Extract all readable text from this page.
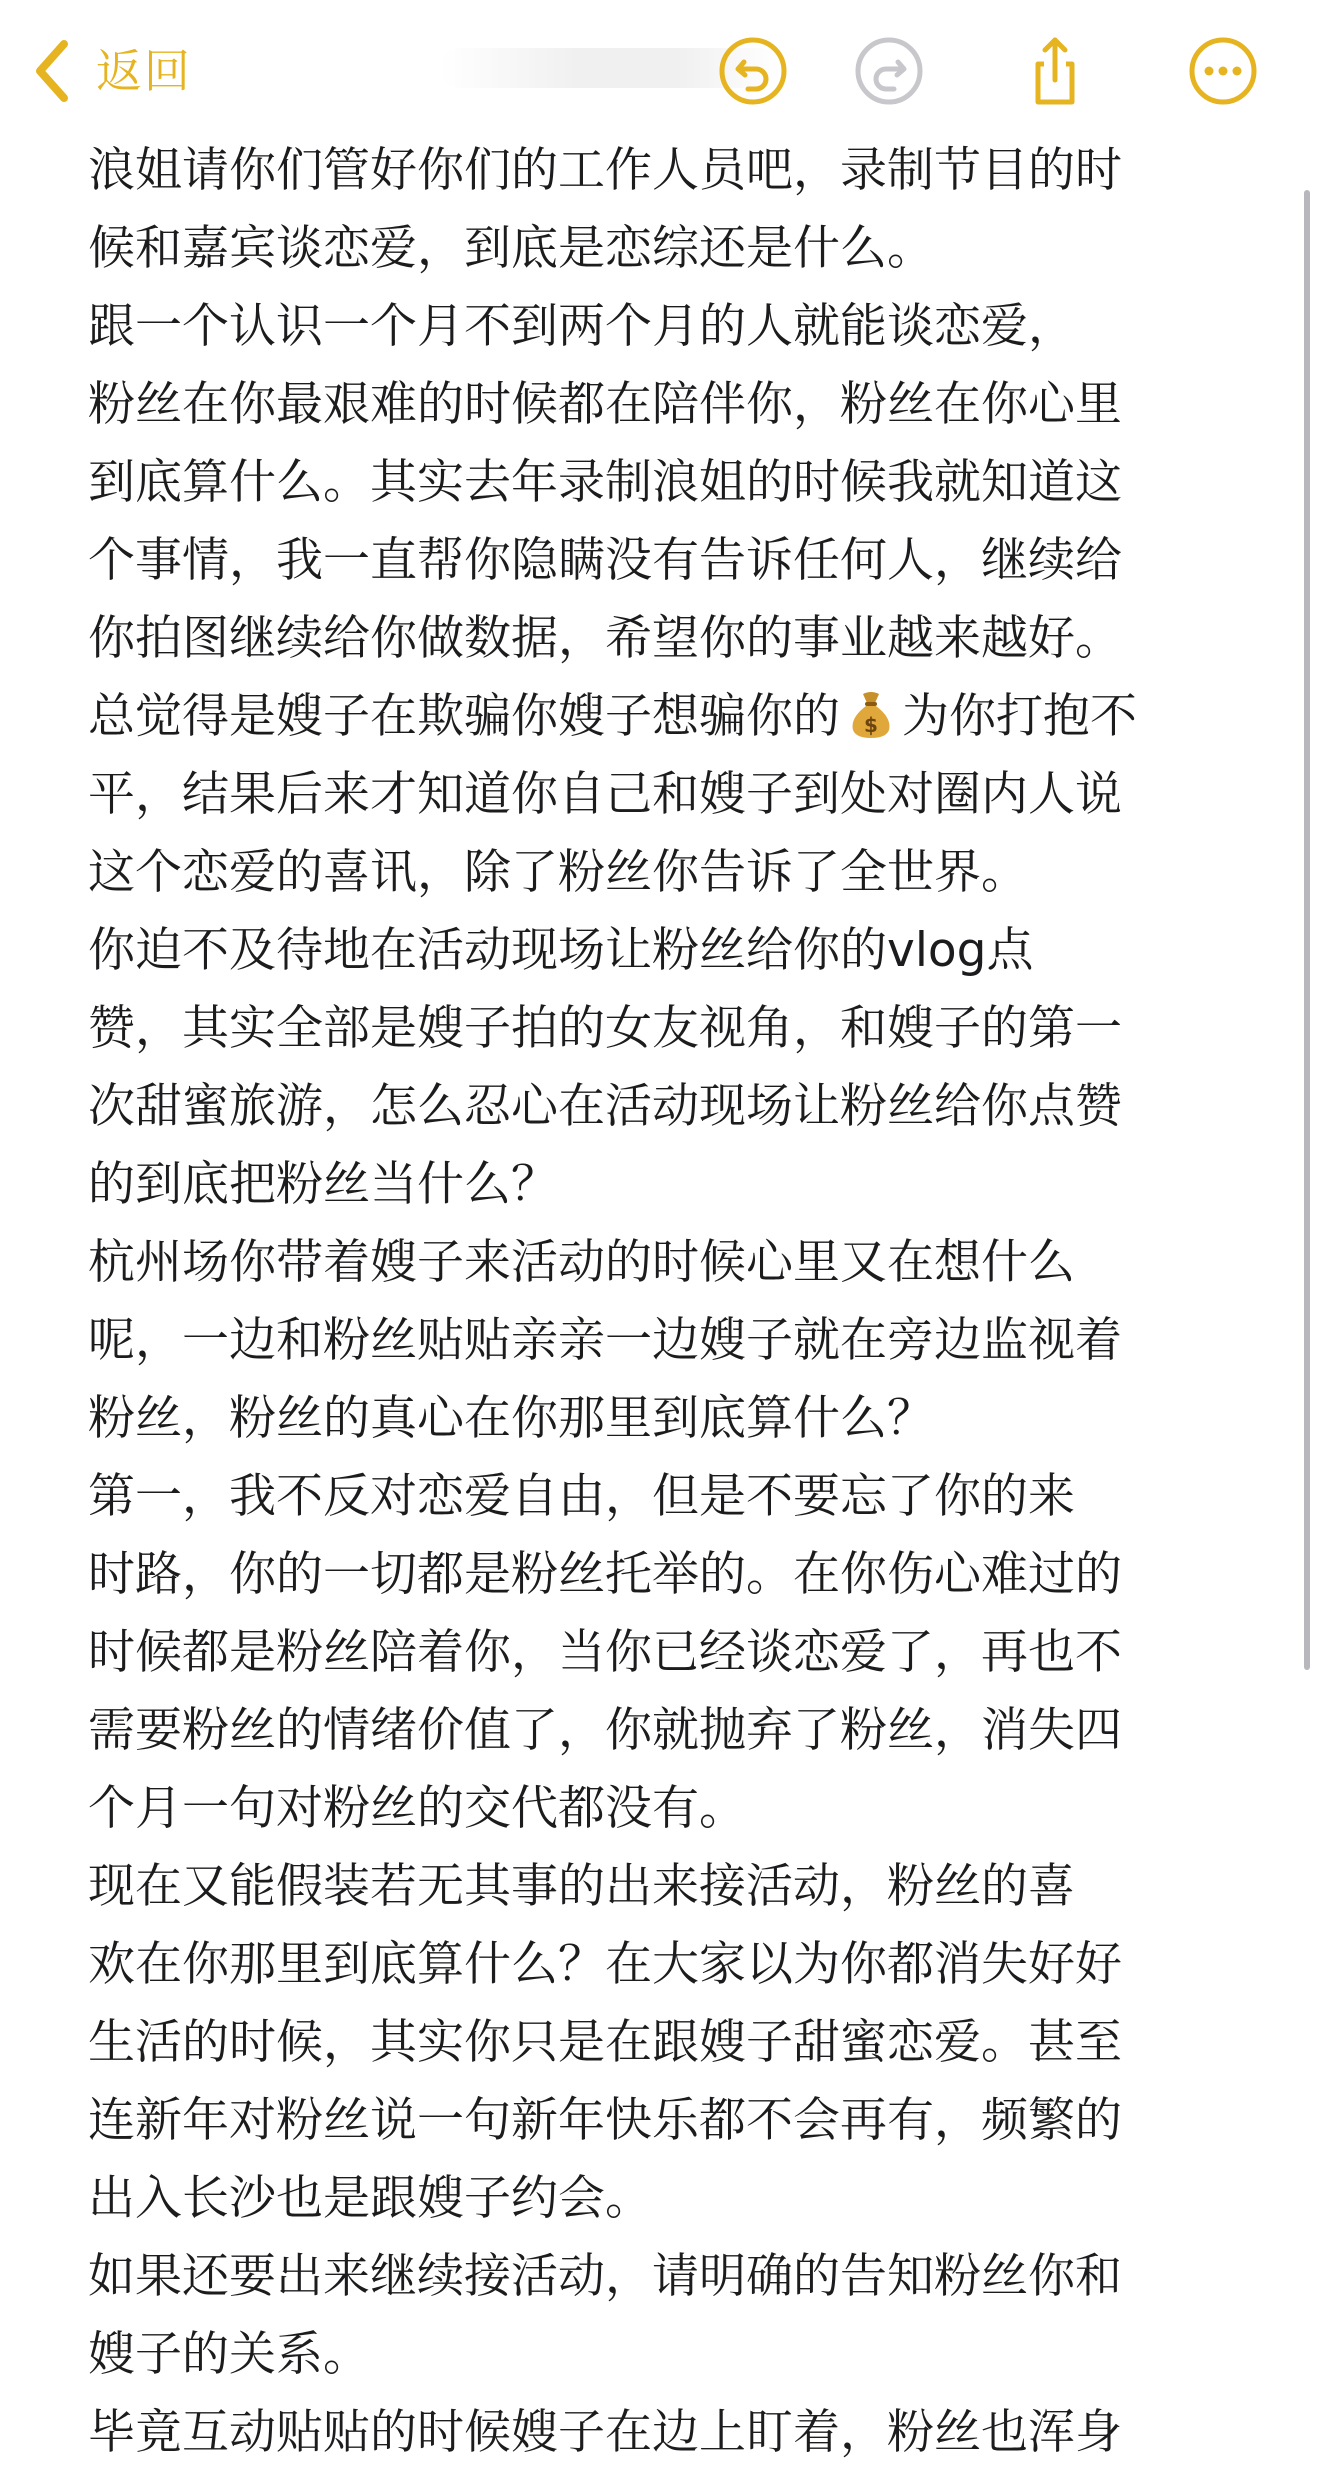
返回
浪姐请你们管好你们的工作人员吧，录制节目的时
候和嘉宾谈恋爱，到底是恋综还是什么。
跟一个认识一个月不到两个月的人就能谈恋爱，
粉丝在你最艰难的时候都在陪伴你，粉丝在你心里
到底算什么。其实去年录制浪姐的时候我就知道这
个事情，我一直帮你隐瞒没有告诉任何人，继续给
你拍图继续给你做数据，希望你的事业越来越好。
总觉得是嫂子在欺骗你嫂子想骗你的 $ 为你打抱不
平，结果后来才知道你自己和嫂子到处对圈内人说
这个恋爱的喜讯，除了粉丝你告诉了全世界。
你迫不及待地在活动现场让粉丝给你的vlog点
赞，其实全部是嫂子拍的女友视角，和嫂子的第一
次甜蜜旅游，怎么忍心在活动现场让粉丝给你点赞
的到底把粉丝当什么？
杭州场你带着嫂子来活动的时候心里又在想什么
呢，一边和粉丝贴贴亲亲一边嫂子就在旁边监视着
粉丝，粉丝的真心在你那里到底算什么？
第一，我不反对恋爱自由，但是不要忘了你的来
时路，你的一切都是粉丝托举的。在你伤心难过的
时候都是粉丝陪着你，当你已经谈恋爱了，再也不
需要粉丝的情绪价值了，你就抛弃了粉丝，消失四
个月一句对粉丝的交代都没有。
现在又能假装若无其事的出来接活动，粉丝的喜
欢在你那里到底算什么？在大家以为你都消失好好
生活的时候，其实你只是在跟嫂子甜蜜恋爱。甚至
连新年对粉丝说一句新年快乐都不会再有，频繁的
出入长沙也是跟嫂子约会。
如果还要出来继续接活动，请明确的告知粉丝你和
嫂子的关系。
毕竟互动贴贴的时候嫂子在边上盯着，粉丝也浑身
